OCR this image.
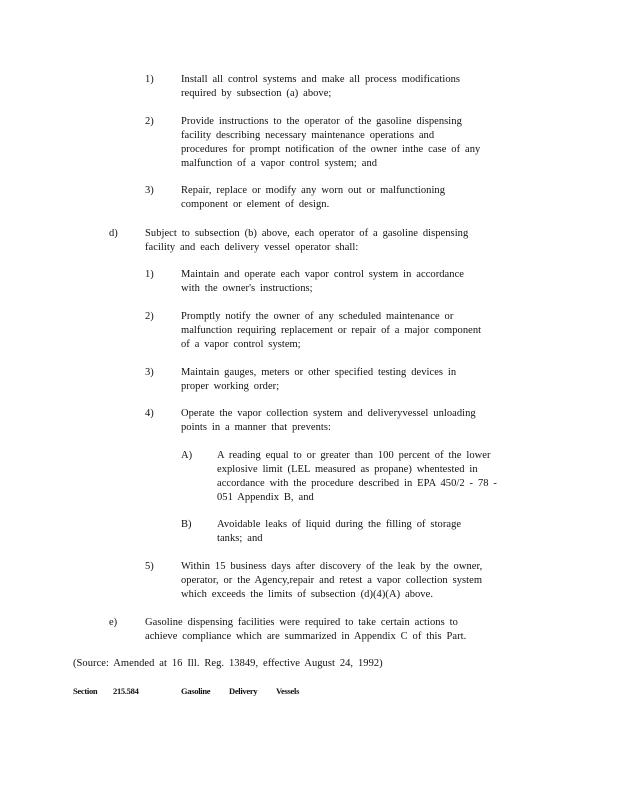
1)	Install all control systems and make all process modifications
required by subsection (a) above;
2)	Provide instructions to the operator of the gasoline dispensing
facility describing necessary maintenance operations and
procedures for prompt notification of the owner inthe case of any
malfunction of a vapor control system; and
3)	Repair, replace or modify any worn out or malfunctioning
component or element of design.
d)	Subject to subsection (b) above, each operator of a gasoline dispensing
facility and each delivery vessel operator shall:
1)	Maintain and operate each vapor control system in accordance
with the owner's instructions;
2)	Promptly notify the owner of any scheduled maintenance or
malfunction requiring replacement or repair of a major component
of a vapor control system;
3)	Maintain gauges, meters or other specified testing devices in
proper working order;
4)	Operate the vapor collection system and deliveryvessel unloading
points in a manner that prevents:
A) A reading equal to or greater than 100 percent of the lower
explosive limit (LEL measured as propane) whentested in
accordance with the procedure described in EPA 450/2 - 78 -
051 Appendix B, and
B) Avoidable leaks of liquid during the filling of storage
tanks; and
5)	Within 15 business days after discovery of the leak by the owner,
operator, or the Agency,repair and retest a vapor collection system
which exceeds the limits of subsection (d)(4)(A) above.
e)	Gasoline dispensing facilities were required to take certain actions to
achieve compliance which are summarized in Appendix C of this Part.
(Source: Amended at 16 Ill. Reg. 13849, effective August 24, 1992)
Section 215.584	Gasoline Delivery Vessels
